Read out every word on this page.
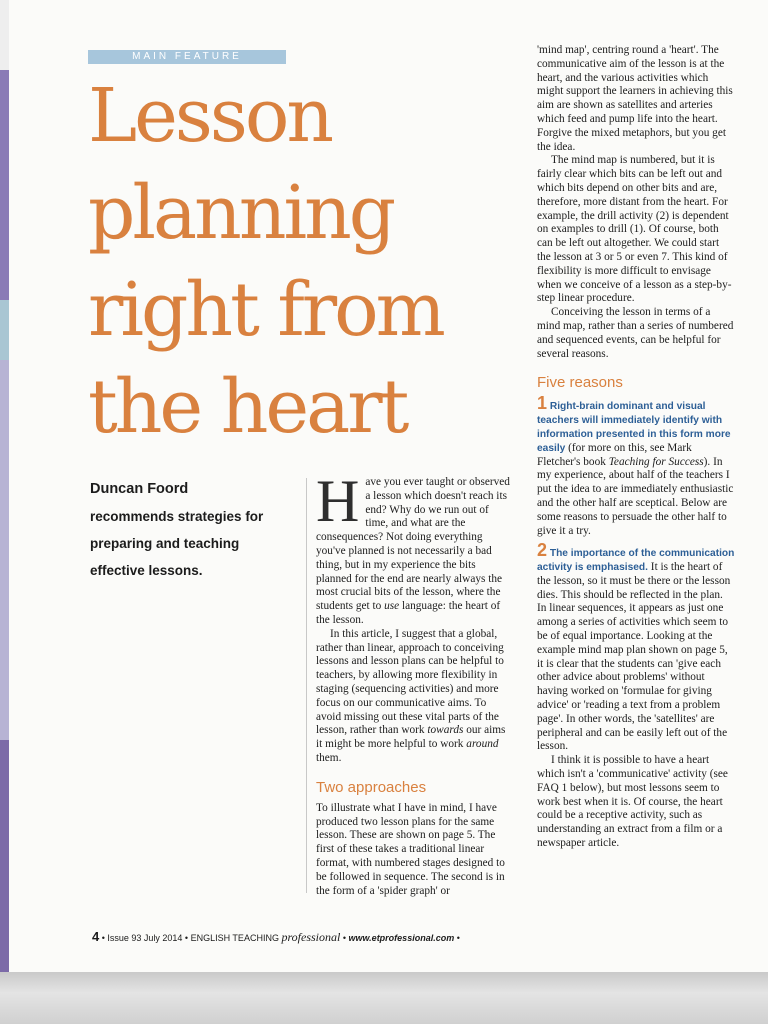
MAIN FEATURE
Lesson
planning
right from
the heart
Duncan Foord
recommends strategies for
preparing and teaching
effective lessons.

Have you ever taught or observed a lesson which doesn't reach its end? Why do we run out of time, and what are the consequences? Not doing everything you've planned is not necessarily a bad thing, but in my experience the bits planned for the end are nearly always the most crucial bits of the lesson, where the students get to use language: the heart of the lesson.

In this article, I suggest that a global, rather than linear, approach to conceiving lessons and lesson plans can be helpful to teachers, by allowing more flexibility in staging (sequencing activities) and more focus on our communicative aims. To avoid missing out these vital parts of the lesson, rather than work towards our aims it might be more helpful to work around them.

Two approaches

To illustrate what I have in mind, I have produced two lesson plans for the same lesson. These are shown on page 5. The first of these takes a traditional linear format, with numbered stages designed to be followed in sequence. The second is in the form of a 'spider graph' or

'mind map', centring round a 'heart'. The communicative aim of the lesson is at the heart, and the various activities which might support the learners in achieving this aim are shown as satellites and arteries which feed and pump life into the heart. Forgive the mixed metaphors, but you get the idea.

The mind map is numbered, but it is fairly clear which bits can be left out and which bits depend on other bits and are, therefore, more distant from the heart. For example, the drill activity (2) is dependent on examples to drill (1). Of course, both can be left out altogether. We could start the lesson at 3 or 5 or even 7. This kind of flexibility is more difficult to envisage when we conceive of a lesson as a step-by-step linear procedure.

Conceiving the lesson in terms of a mind map, rather than a series of numbered and sequenced events, can be helpful for several reasons.

Five reasons

1 Right-brain dominant and visual teachers will immediately identify with information presented in this form more easily (for more on this, see Mark Fletcher's book Teaching for Success). In my experience, about half of the teachers I put the idea to are immediately enthusiastic and the other half are sceptical. Below are some reasons to persuade the other half to give it a try.

2 The importance of the communication activity is emphasised. It is the heart of the lesson, so it must be there or the lesson dies. This should be reflected in the plan. In linear sequences, it appears as just one among a series of activities which seem to be of equal importance. Looking at the example mind map plan shown on page 5, it is clear that the students can 'give each other advice about problems' without having worked on 'formulae for giving advice' or 'reading a text from a problem page'. In other words, the 'satellites' are peripheral and can be easily left out of the lesson.

I think it is possible to have a heart which isn't a 'communicative' activity (see FAQ 1 below), but most lessons seem to work best when it is. Of course, the heart could be a receptive activity, such as understanding an extract from a film or a newspaper article.

4 • Issue 93 July 2014 • ENGLISH TEACHING professional • www.etprofessional.com •
